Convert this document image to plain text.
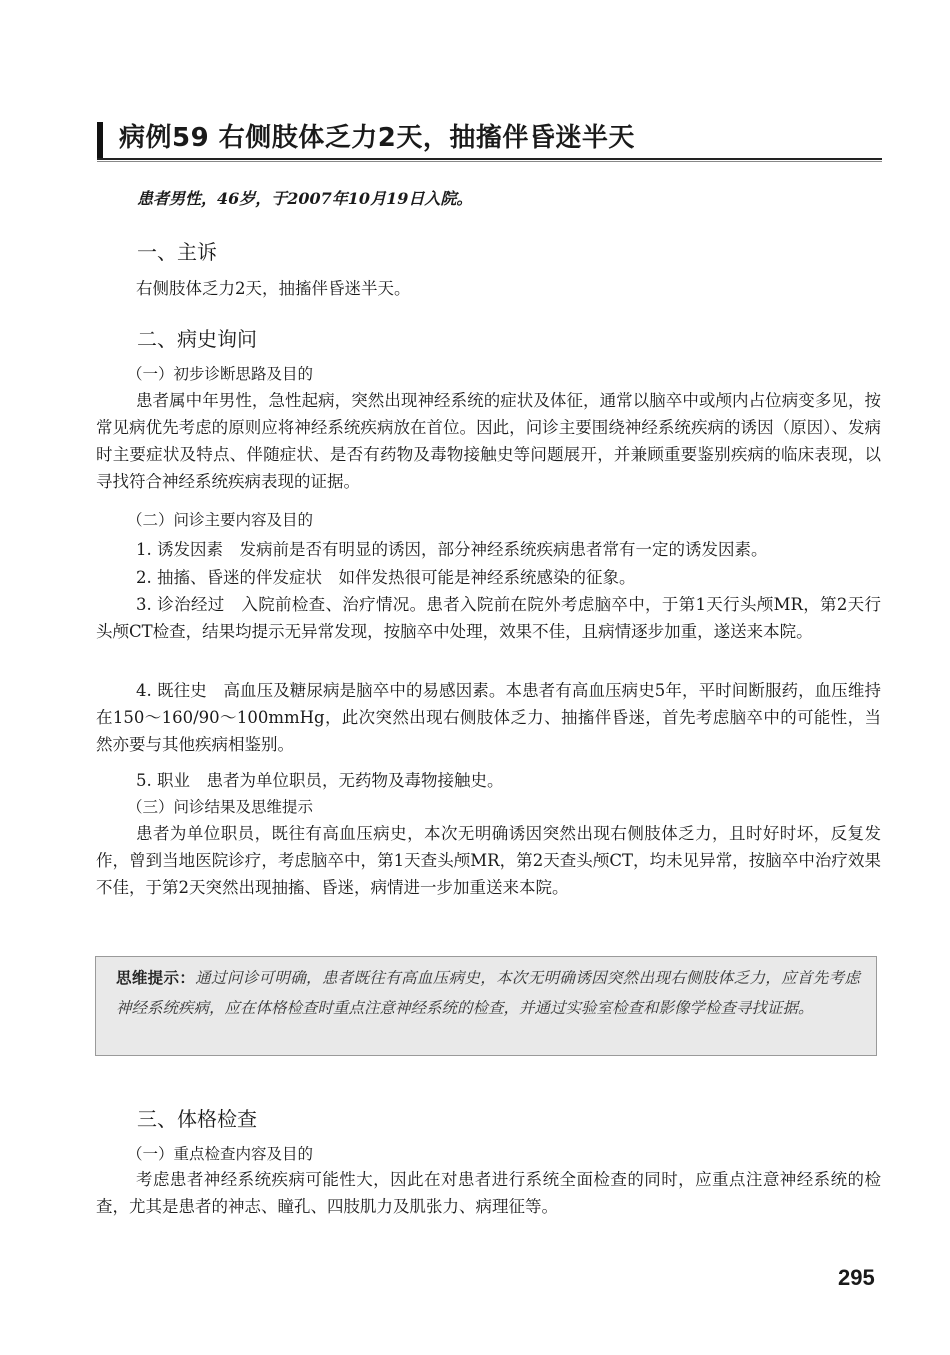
病例59 右侧肢体乏力2天，抽搐伴昏迷半天
患者男性，46岁，于2007年10月19日入院。
一、主诉
右侧肢体乏力2天，抽搐伴昏迷半天。
二、病史询问
（一）初步诊断思路及目的

患者属中年男性，急性起病，突然出现神经系统的症状及体征，通常以脑卒中或颅内占位病变多见，按常见病优先考虑的原则应将神经系统疾病放在首位。因此，问诊主要围绕神经系统疾病的诱因（原因）、发病时主要症状及特点、伴随症状、是否有药物及毒物接触史等问题展开，并兼顾重要鉴别疾病的临床表现，以寻找符合神经系统疾病表现的证据。

（二）问诊主要内容及目的
1. 诱发因素　发病前是否有明显的诱因，部分神经系统疾病患者常有一定的诱发因素。
2. 抽搐、昏迷的伴发症状　如伴发热很可能是神经系统感染的征象。

3. 诊治经过　入院前检查、治疗情况。患者入院前在院外考虑脑卒中，于第1天行头颅MR，第2天行头颅CT检查，结果均提示无异常发现，按脑卒中处理，效果不佳，且病情逐步加重，遂送来本院。

4. 既往史　高血压及糖尿病是脑卒中的易感因素。本患者有高血压病史5年，平时间断服药，血压维持在150～160/90～100mmHg，此次突然出现右侧肢体乏力、抽搐伴昏迷，首先考虑脑卒中的可能性，当然亦要与其他疾病相鉴别。

5. 职业　患者为单位职员，无药物及毒物接触史。
（三）问诊结果及思维提示

患者为单位职员，既往有高血压病史，本次无明确诱因突然出现右侧肢体乏力，且时好时坏，反复发作，曾到当地医院诊疗，考虑脑卒中，第1天查头颅MR，第2天查头颅CT，均未见异常，按脑卒中治疗效果不佳，于第2天突然出现抽搐、昏迷，病情进一步加重送来本院。

思维提示：通过问诊可明确，患者既往有高血压病史，本次无明确诱因突然出现右侧肢体乏力，应首先考虑神经系统疾病，应在体格检查时重点注意神经系统的检查，并通过实验室检查和影像学检查寻找证据。

三、体格检查
（一）重点检查内容及目的

考虑患者神经系统疾病可能性大，因此在对患者进行系统全面检查的同时，应重点注意神经系统的检查，尤其是患者的神志、瞳孔、四肢肌力及肌张力、病理征等。

295
